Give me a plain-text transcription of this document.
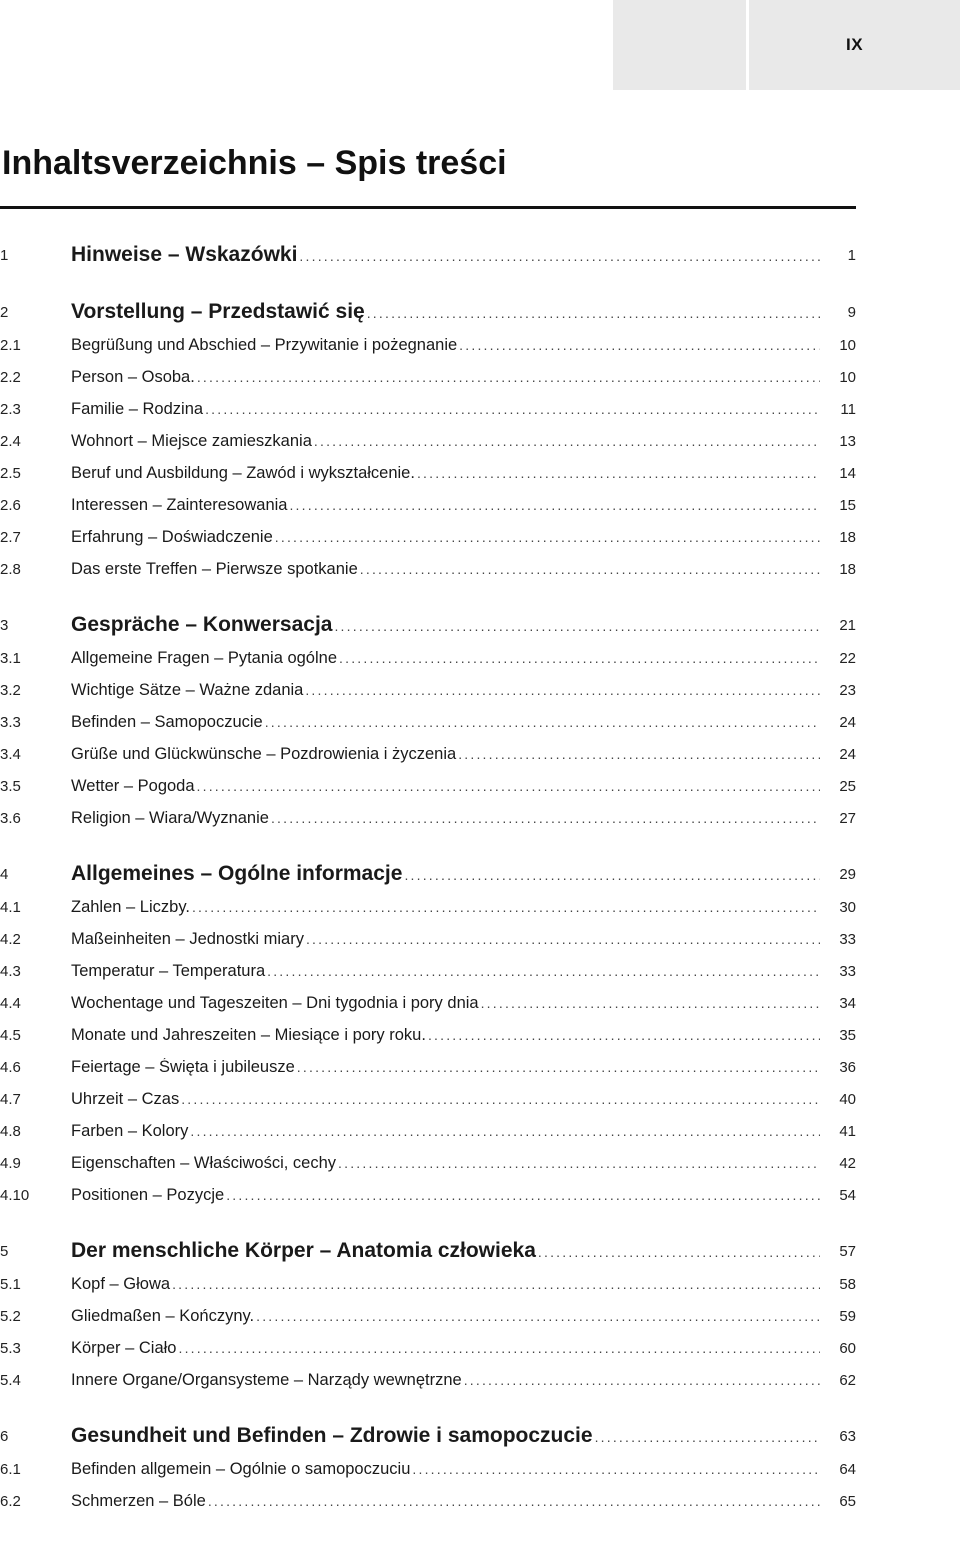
IX
Inhaltsverzeichnis – Spis treści
1	Hinweise – Wskazówki .....	1
2	Vorstellung – Przedstawić się .....	9
2.1	Begrüßung und Abschied – Przywitanie i pożegnanie .....	10
2.2	Person – Osoba. .....	10
2.3	Familie – Rodzina .....	11
2.4	Wohnort – Miejsce zamieszkania .....	13
2.5	Beruf und Ausbildung – Zawód i wykształcenie. .....	14
2.6	Interessen – Zainteresowania .....	15
2.7	Erfahrung – Doświadczenie .....	18
2.8	Das erste Treffen – Pierwsze spotkanie .....	18
3	Gespräche – Konwersacja .....	21
3.1	Allgemeine Fragen – Pytania ogólne .....	22
3.2	Wichtige Sätze – Ważne zdania .....	23
3.3	Befinden – Samopoczucie .....	24
3.4	Grüße und Glückwünsche – Pozdrowienia i życzenia .....	24
3.5	Wetter – Pogoda .....	25
3.6	Religion – Wiara/Wyznanie .....	27
4	Allgemeines – Ogólne informacje .....	29
4.1	Zahlen – Liczby. .....	30
4.2	Maßeinheiten – Jednostki miary .....	33
4.3	Temperatur – Temperatura .....	33
4.4	Wochentage und Tageszeiten – Dni tygodnia i pory dnia .....	34
4.5	Monate und Jahreszeiten – Miesiące i pory roku. .....	35
4.6	Feiertage – Święta i jubileusze .....	36
4.7	Uhrzeit – Czas .....	40
4.8	Farben – Kolory .....	41
4.9	Eigenschaften – Właściwości, cechy .....	42
4.10	Positionen – Pozycje .....	54
5	Der menschliche Körper – Anatomia człowieka .....	57
5.1	Kopf – Głowa .....	58
5.2	Gliedmaßen – Kończyny. .....	59
5.3	Körper – Ciało .....	60
5.4	Innere Organe/Organsysteme – Narządy wewnętrzne .....	62
6	Gesundheit und Befinden – Zdrowie i samopoczucie .....	63
6.1	Befinden allgemein – Ogólnie o samopoczuciu .....	64
6.2	Schmerzen – Bóle .....	65
